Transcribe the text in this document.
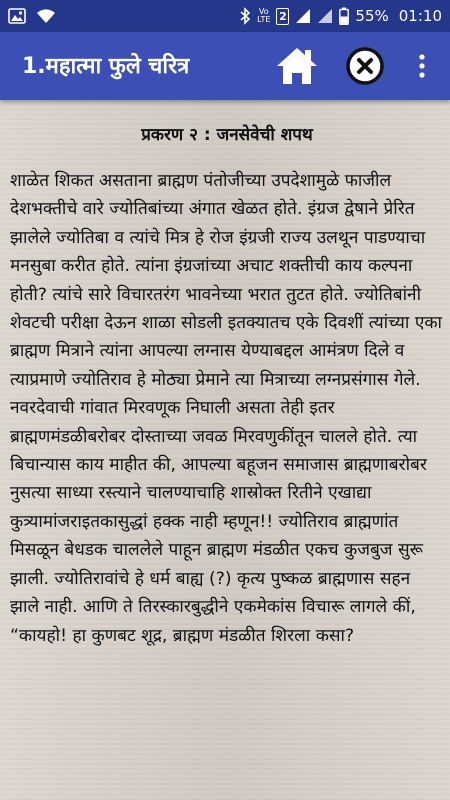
Vo
LTE 2	55% 01:10
1.महात्मा फुले चरित्र
प्रकरण २ : जनसेवेची शपथ
शाळेत शिकत असताना ब्राह्मण पंतोजीच्या उपदेशामुळे फाजील देशभक्तीचे वारे ज्योतिबांच्या अंगात खेळत होते. इंग्रज द्वेषाने प्रेरित झालेले ज्योतिबा व त्यांचे मित्र हे रोज इंग्रजी राज्य उलथून पाडण्याचा मनसुबा करीत होते. त्यांना इंग्रजांच्या अचाट शक्तीची काय कल्पना होती? त्यांचे सारे विचारतरंग भावनेच्या भरात तुटत होते. ज्योतिबांनी शेवटची परीक्षा देऊन शाळा सोडली इतक्यातच एके दिवशीं त्यांच्या एका ब्राह्मण मित्राने त्यांना आपल्या लग्नास येण्याबद्दल आमंत्रण दिले व त्याप्रमाणे ज्योतिराव हे मोठ्या प्रेमाने त्या मित्राच्या लग्नप्रसंगास गेले. नवरदेवाची गांवात मिरवणूक निघाली असता तेही इतर ब्राह्मणमंडळीबरोबर दोस्ताच्या जवळ मिरवणुकींतून चालले होते. त्या बिचान्यास काय माहीत की, आपल्या बहूजन समाजास ब्राह्मणाबरोबर नुसत्या साध्या रस्त्याने चालण्याचाहि शास्रोक्त रितीने एखाद्या कुत्र्यामांजराइतकासुद्धां हक्क नाही म्हणून!! ज्योतिराव ब्राह्मणांत मिसळून बेधडक चाललेले पाहून ब्राह्मण मंडळीत एकच कुजबुज सुरू झाली. ज्योतिरावांचे हे धर्म बाह्य (?) कृत्य पुष्कळ ब्राह्मणास सहन झाले नाही. आणि ते तिरस्कारबुद्धीने एकमेकांस विचारू लागले कीं, “कायहो! हा कुणबट शूद्र, ब्राह्मण मंडळीत शिरला कसा?
